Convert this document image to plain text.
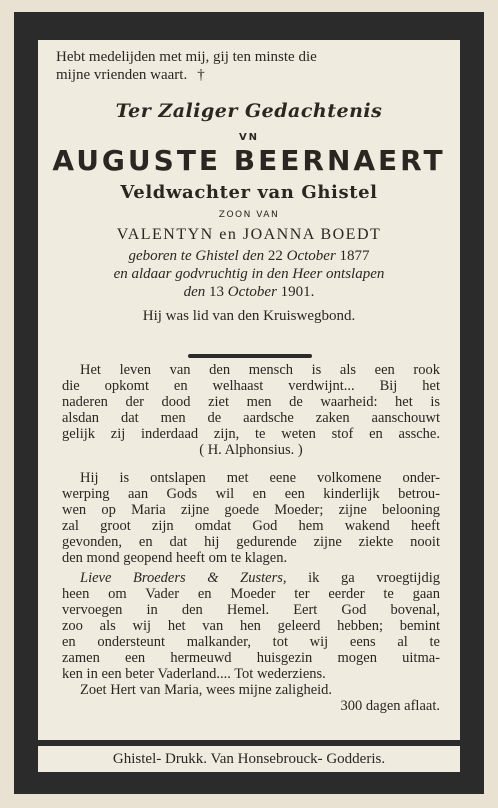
Hebt medelijden met mij, gij ten minste die
mijne vrienden waart. †
Ter Zaliger Gedachtenis
VN
AUGUSTE BEERNAERT
Veldwachter van Ghistel
ZOON VAN
VALENTYN en JOANNA BOEDT
geboren te Ghistel den 22 October 1877
en aldaar godvruchtig in den Heer ontslapen
den 13 October 1901.
Hij was lid van den Kruiswegbond.
Het leven van den mensch is als een rook
die opkomt en welhaast verdwijnt... Bij het
naderen der dood ziet men de waarheid: het is
alsdan dat men de aardsche zaken aanschouwt
gelijk zij inderdaad zijn, te weten stof en assche.
( H. Alphonsius. )
Hij is ontslapen met eene volkomene onder-
werping aan Gods wil en een kinderlijk betrou-
wen op Maria zijne goede Moeder; zijne belooning
zal groot zijn omdat God hem wakend heeft
gevonden, en dat hij gedurende zijne ziekte nooit
den mond geopend heeft om te klagen.
Lieve Broeders & Zusters, ik ga vroegtijdig
heen om Vader en Moeder ter eerder te gaan
vervoegen in den Hemel. Eert God bovenal,
zoo als wij het van hen geleerd hebben; bemint
en ondersteunt malkander, tot wij eens al te
zamen een hermeuwd huisgezin mogen uitma-
ken in een beter Vaderland.... Tot wederziens.
Zoet Hert van Maria, wees mijne zaligheid.
300 dagen aflaat.
Ghistel- Drukk. Van Honsebrouck- Godderis.
